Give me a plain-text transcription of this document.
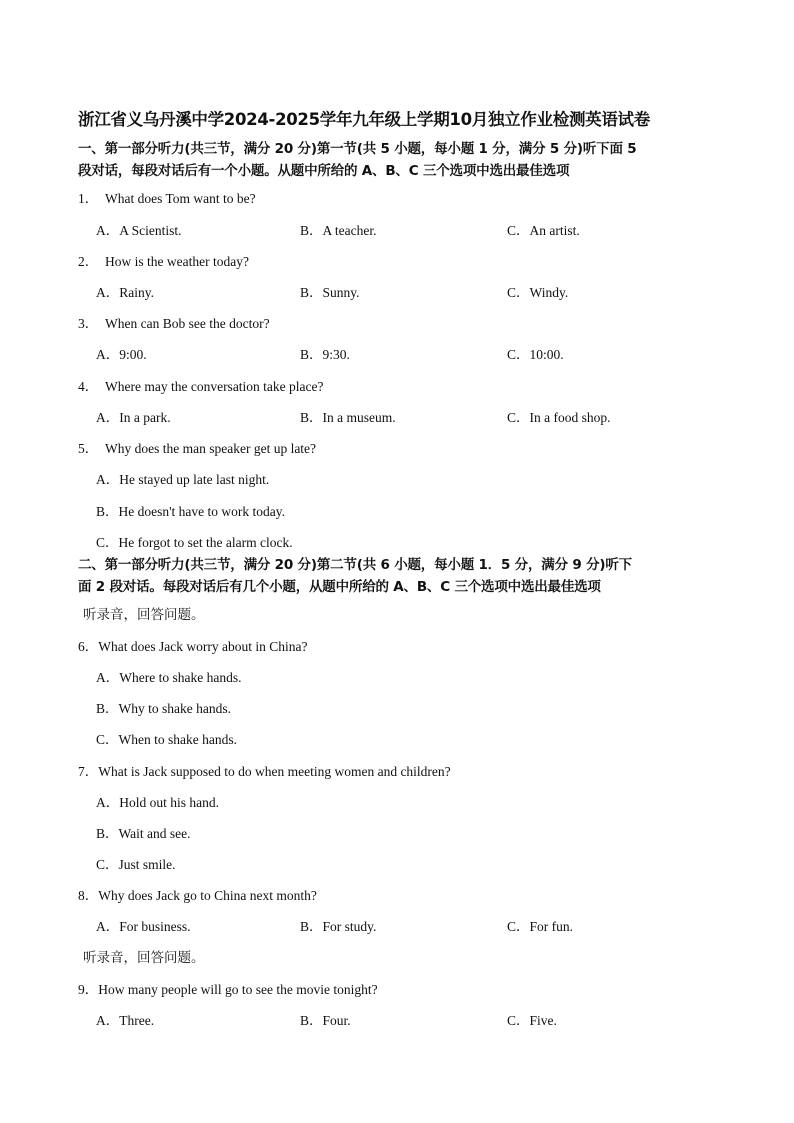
浙江省义乌丹溪中学2024-2025学年九年级上学期10月独立作业检测英语试卷
一、第一部分听力(共三节，满分 20 分)第一节(共 5 小题，每小题 1 分，满分 5 分)听下面 5
段对话，每段对话后有一个小题。从题中所给的 A、B、C 三个选项中选出最佳选项
1． What does Tom want to be?
A．A Scientist.	B．A teacher.	C．An artist.
2． How is the weather today?
A．Rainy.	B．Sunny.	C．Windy.
3． When can Bob see the doctor?
A．9:00.	B．9:30.	C．10:00.
4． Where may the conversation take place?
A．In a park.	B．In a museum.	C．In a food shop.
5． Why does the man speaker get up late?
A．He stayed up late last night.
B．He doesn't have to work today.
C．He forgot to set the alarm clock.
二、第一部分听力(共三节，满分 20 分)第二节(共 6 小题，每小题 1．5 分，满分 9 分)听下
面 2 段对话。每段对话后有几个小题，从题中所给的 A、B、C 三个选项中选出最佳选项
听录音，回答问题。
6．What does Jack worry about in China?
A．Where to shake hands.
B．Why to shake hands.
C．When to shake hands.
7．What is Jack supposed to do when meeting women and children?
A．Hold out his hand.
B．Wait and see.
C．Just smile.
8．Why does Jack go to China next month?
A．For business.	B．For study.	C．For fun.
听录音，回答问题。
9．How many people will go to see the movie tonight?
A．Three.	B．Four.	C．Five.
